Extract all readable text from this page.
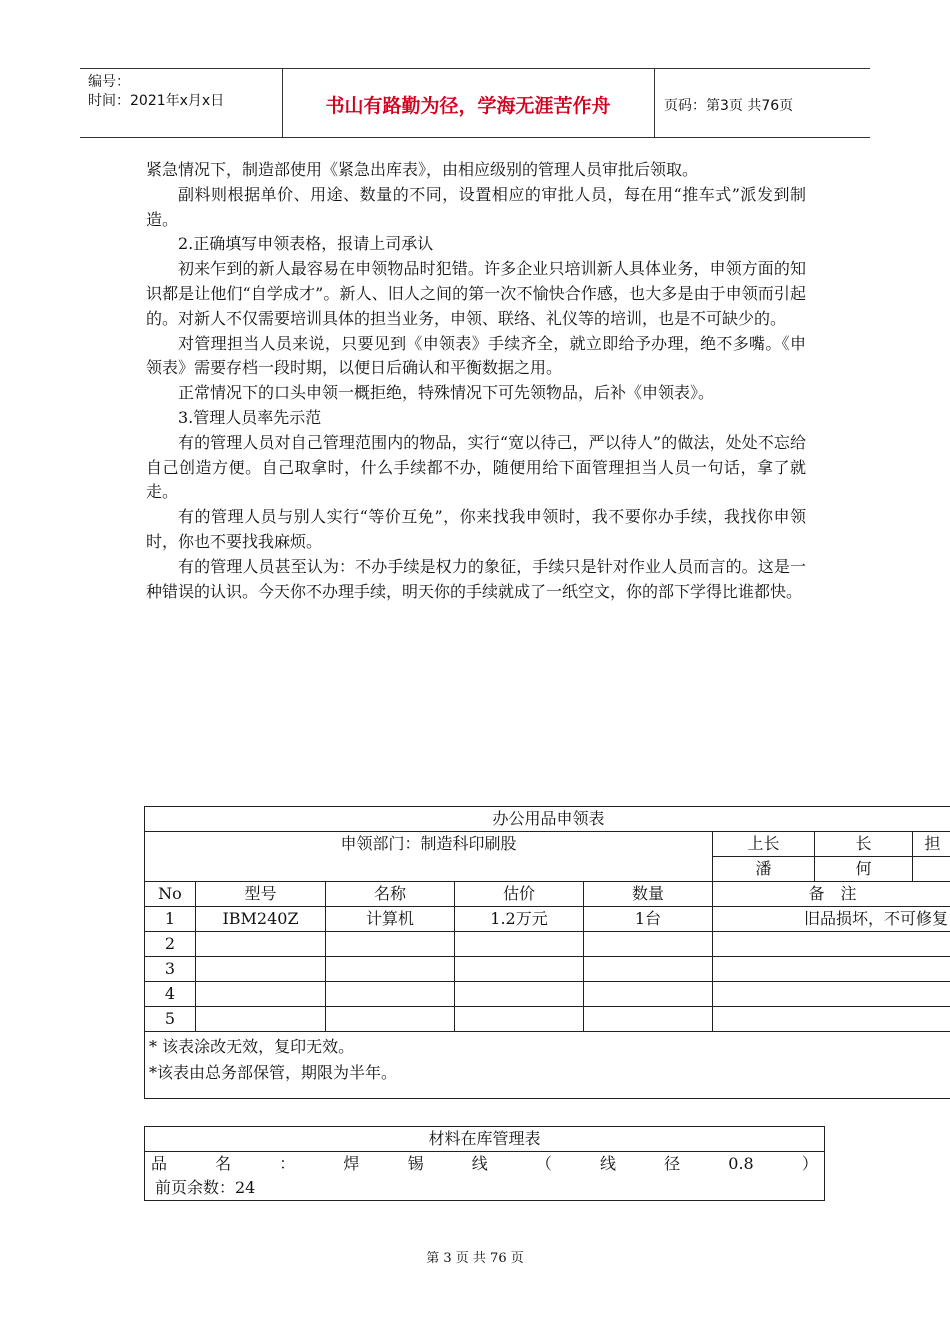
编号：
时间：2021年x月x日	书山有路勤为径，学海无涯苦作舟	页码：第3页 共76页

紧急情况下，制造部使用《紧急出库表》，由相应级别的管理人员审批后领取。

副料则根据单价、用途、数量的不同，设置相应的审批人员，每在用“推车式”派发到制造。

2.正确填写申领表格，报请上司承认

初来乍到的新人最容易在申领物品时犯错。许多企业只培训新人具体业务，申领方面的知识都是让他们“自学成才”。新人、旧人之间的第一次不愉快合作感，也大多是由于申领而引起的。对新人不仅需要培训具体的担当业务，申领、联络、礼仪等的培训，也是不可缺少的。

对管理担当人员来说，只要见到《申领表》手续齐全，就立即给予办理，绝不多嘴。《申领表》需要存档一段时期，以便日后确认和平衡数据之用。

正常情况下的口头申领一概拒绝，特殊情况下可先领物品，后补《申领表》。

3.管理人员率先示范

有的管理人员对自己管理范围内的物品，实行“宽以待己，严以待人”的做法，处处不忘给自己创造方便。自己取拿时，什么手续都不办，随便用给下面管理担当人员一句话，拿了就走。

有的管理人员与别人实行“等价互免”，你来找我申领时，我不要你办手续，我找你申领时，你也不要找我麻烦。

有的管理人员甚至认为：不办手续是权力的象征，手续只是针对作业人员而言的。这是一种错误的认识。今天你不办理手续，明天你的手续就成了一纸空文，你的部下学得比谁都快。

办公用品申领表							
申领部门：制造科印刷股					上长	长	担
					潘	何	
No	型号	名称	估价	数量	备　注		
1	IBM240Z	计算机	1.2万元	1台	旧品损坏，不可修复		
2							
3							
4							
5							

* 该表涂改无效，复印无效。
*该表由总务部保管，期限为半年。							
材料在库管理表

品	名	：	焊	锡	线	（	线	径	0.8	）

前页余数：24
第 3 页 共 76 页
